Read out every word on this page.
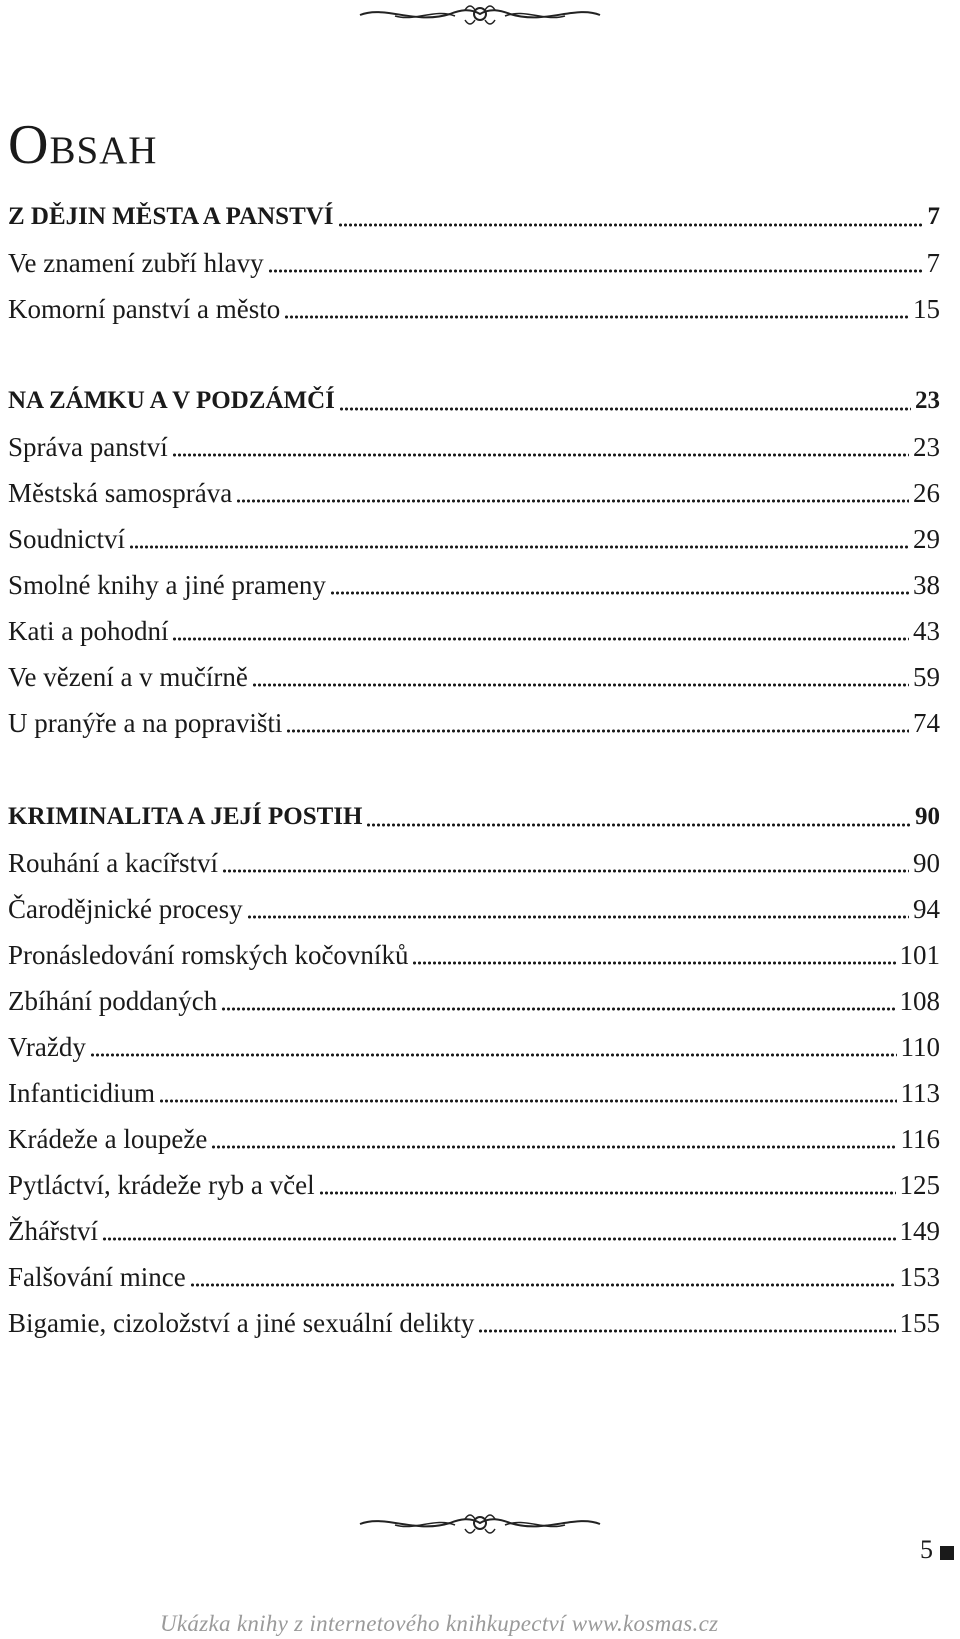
Obsah
Z DĚJIN MĚSTA A PANSTVÍ	7
Ve znamení zubří hlavy	7
Komorní panství a město	15
NA ZÁMKU A V PODZÁMČÍ	23
Správa panství	23
Městská samospráva	26
Soudnictví	29
Smolné knihy a jiné prameny	38
Kati a pohodní	43
Ve vězení a v mučírně	59
U pranýře a na popravišti	74
KRIMINALITA A JEJÍ POSTIH	90
Rouhání a kacířství	90
Čarodějnické procesy	94
Pronásledování romských kočovníků	101
Zbíhání poddaných	108
Vraždy	110
Infanticidium	113
Krádeže a loupeže	116
Pytláctví, krádeže ryb a včel	125
Žhářství	149
Falšování mince	153
Bigamie, cizoložství a jiné sexuální delikty	155
5
Ukázka knihy z internetového knihkupectví www.kosmas.cz
